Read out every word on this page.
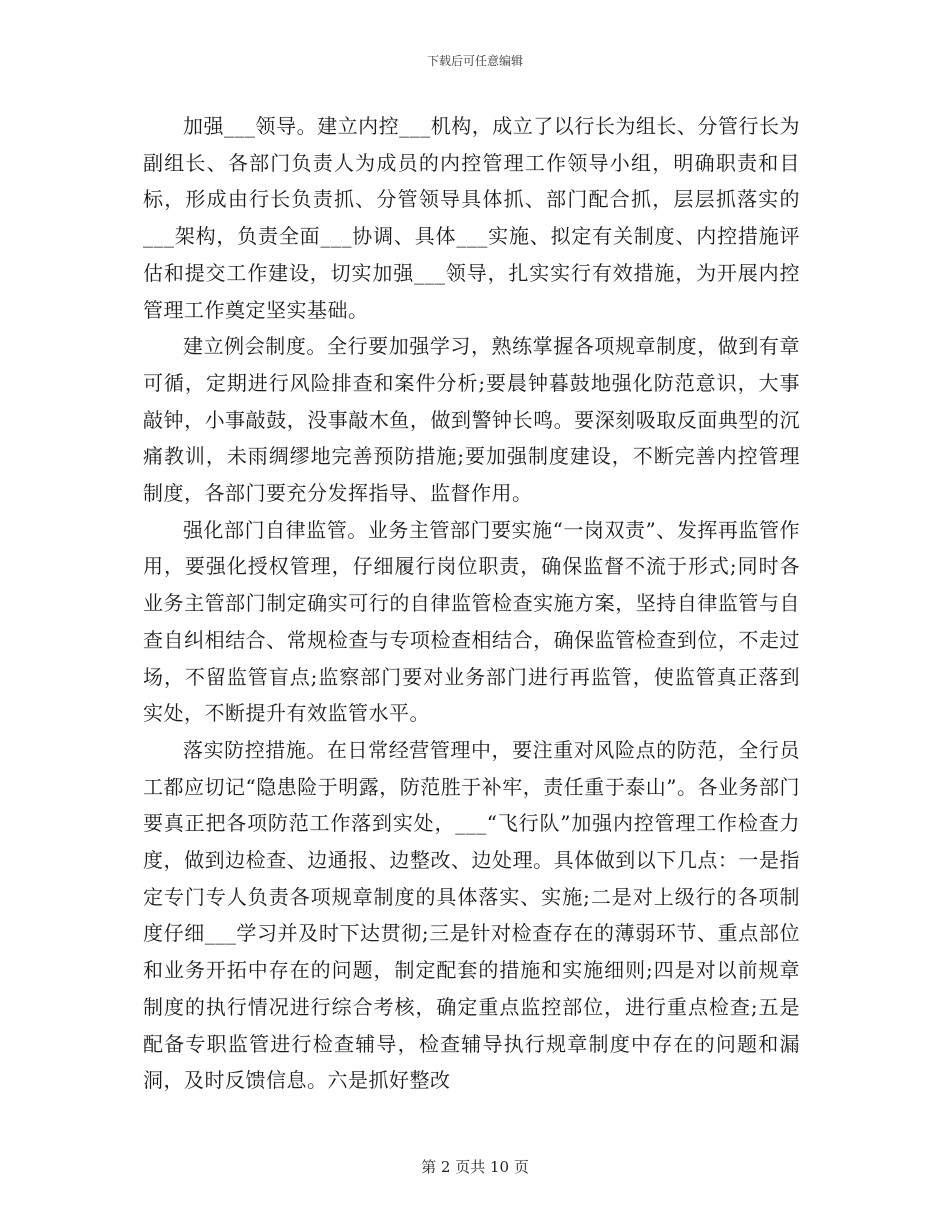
下载后可任意编辑

加强___领导。建立内控___机构，成立了以行长为组长、分管行长为副组长、各部门负责人为成员的内控管理工作领导小组，明确职责和目标，形成由行长负责抓、分管领导具体抓、部门配合抓，层层抓落实的___架构，负责全面___协调、具体___实施、拟定有关制度、内控措施评估和提交工作建设，切实加强___领导，扎实实行有效措施，为开展内控管理工作奠定坚实基础。

建立例会制度。全行要加强学习，熟练掌握各项规章制度，做到有章可循，定期进行风险排查和案件分析;要晨钟暮鼓地强化防范意识，大事敲钟，小事敲鼓，没事敲木鱼，做到警钟长鸣。要深刻吸取反面典型的沉痛教训，未雨绸缪地完善预防措施;要加强制度建设，不断完善内控管理制度，各部门要充分发挥指导、监督作用。

强化部门自律监管。业务主管部门要实施“一岗双责”、发挥再监管作用，要强化授权管理，仔细履行岗位职责，确保监督不流于形式;同时各业务主管部门制定确实可行的自律监管检查实施方案，坚持自律监管与自查自纠相结合、常规检查与专项检查相结合，确保监管检查到位，不走过场，不留监管盲点;监察部门要对业务部门进行再监管，使监管真正落到实处，不断提升有效监管水平。

落实防控措施。在日常经营管理中，要注重对风险点的防范，全行员工都应切记“隐患险于明露，防范胜于补牢，责任重于泰山”。各业务部门要真正把各项防范工作落到实处，___“飞行队”加强内控管理工作检查力度，做到边检查、边通报、边整改、边处理。具体做到以下几点：一是指定专门专人负责各项规章制度的具体落实、实施;二是对上级行的各项制度仔细___学习并及时下达贯彻;三是针对检查存在的薄弱环节、重点部位和业务开拓中存在的问题，制定配套的措施和实施细则;四是对以前规章制度的执行情况进行综合考核，确定重点监控部位，进行重点检查;五是配备专职监管进行检查辅导，检查辅导执行规章制度中存在的问题和漏洞，及时反馈信息。六是抓好整改

第 2 页共 10 页
